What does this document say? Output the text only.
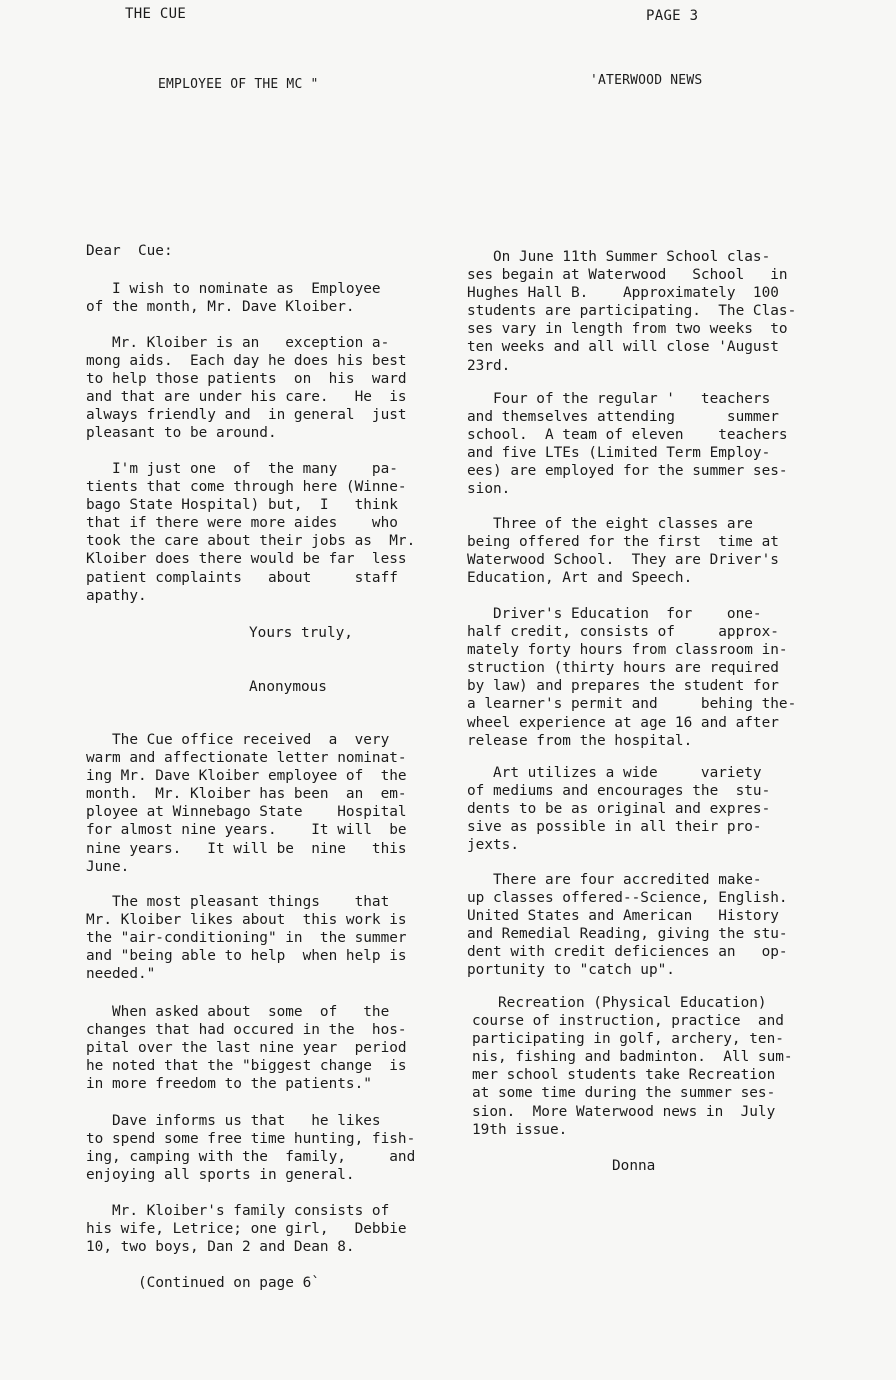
THE CUE	PAGE 3
EMPLOYEE OF THE MC "	'ATERWOOD NEWS
Dear  Cue:
I wish to nominate as  Employee
of the month, Mr. Dave Kloiber.
Mr. Kloiber is an   exception a-
mong aids.  Each day he does his best
to help those patients  on  his  ward
and that are under his care.   He  is
always friendly and  in general  just
pleasant to be around.
I'm just one  of  the many    pa-
tients that come through here (Winne-
bago State Hospital) but,  I   think
that if there were more aides    who
took the care about their jobs as  Mr.
Kloiber does there would be far  less
patient complaints   about     staff
apathy.
Yours truly,
Anonymous
The Cue office received  a  very
warm and affectionate letter nominat-
ing Mr. Dave Kloiber employee of  the
month.  Mr. Kloiber has been  an  em-
ployee at Winnebago State    Hospital
for almost nine years.    It will  be
nine years.   It will be  nine   this
June.
The most pleasant things    that
Mr. Kloiber likes about  this work is
the "air-conditioning" in  the summer
and "being able to help  when help is
needed."
When asked about  some  of   the
changes that had occured in the  hos-
pital over the last nine year  period
he noted that the "biggest change  is
in more freedom to the patients."
Dave informs us that   he likes
to spend some free time hunting, fish-
ing, camping with the  family,     and
enjoying all sports in general.
Mr. Kloiber's family consists of
his wife, Letrice; one girl,   Debbie
10, two boys, Dan 2 and Dean 8.
(Continued on page 6`
On June 11th Summer School clas-
ses begain at Waterwood   School   in
Hughes Hall B.    Approximately  100
students are participating.  The Clas-
ses vary in length from two weeks  to
ten weeks and all will close 'August
23rd.
Four of the regular '   teachers
and themselves attending      summer
school.  A team of eleven    teachers
and five LTEs (Limited Term Employ-
ees) are employed for the summer ses-
sion.
Three of the eight classes are
being offered for the first  time at
Waterwood School.  They are Driver's
Education, Art and Speech.
Driver's Education  for    one-
half credit, consists of     approx-
mately forty hours from classroom in-
struction (thirty hours are required
by law) and prepares the student for
a learner's permit and     behing the-
wheel experience at age 16 and after
release from the hospital.
Art utilizes a wide     variety
of mediums and encourages the  stu-
dents to be as original and expres-
sive as possible in all their pro-
jexts.
There are four accredited make-
up classes offered--Science, English.
United States and American   History
and Remedial Reading, giving the stu-
dent with credit deficiences an   op-
portunity to "catch up".
Recreation (Physical Education)
course of instruction, practice  and
participating in golf, archery, ten-
nis, fishing and badminton.  All sum-
mer school students take Recreation
at some time during the summer ses-
sion.  More Waterwood news in  July
19th issue.
Donna
